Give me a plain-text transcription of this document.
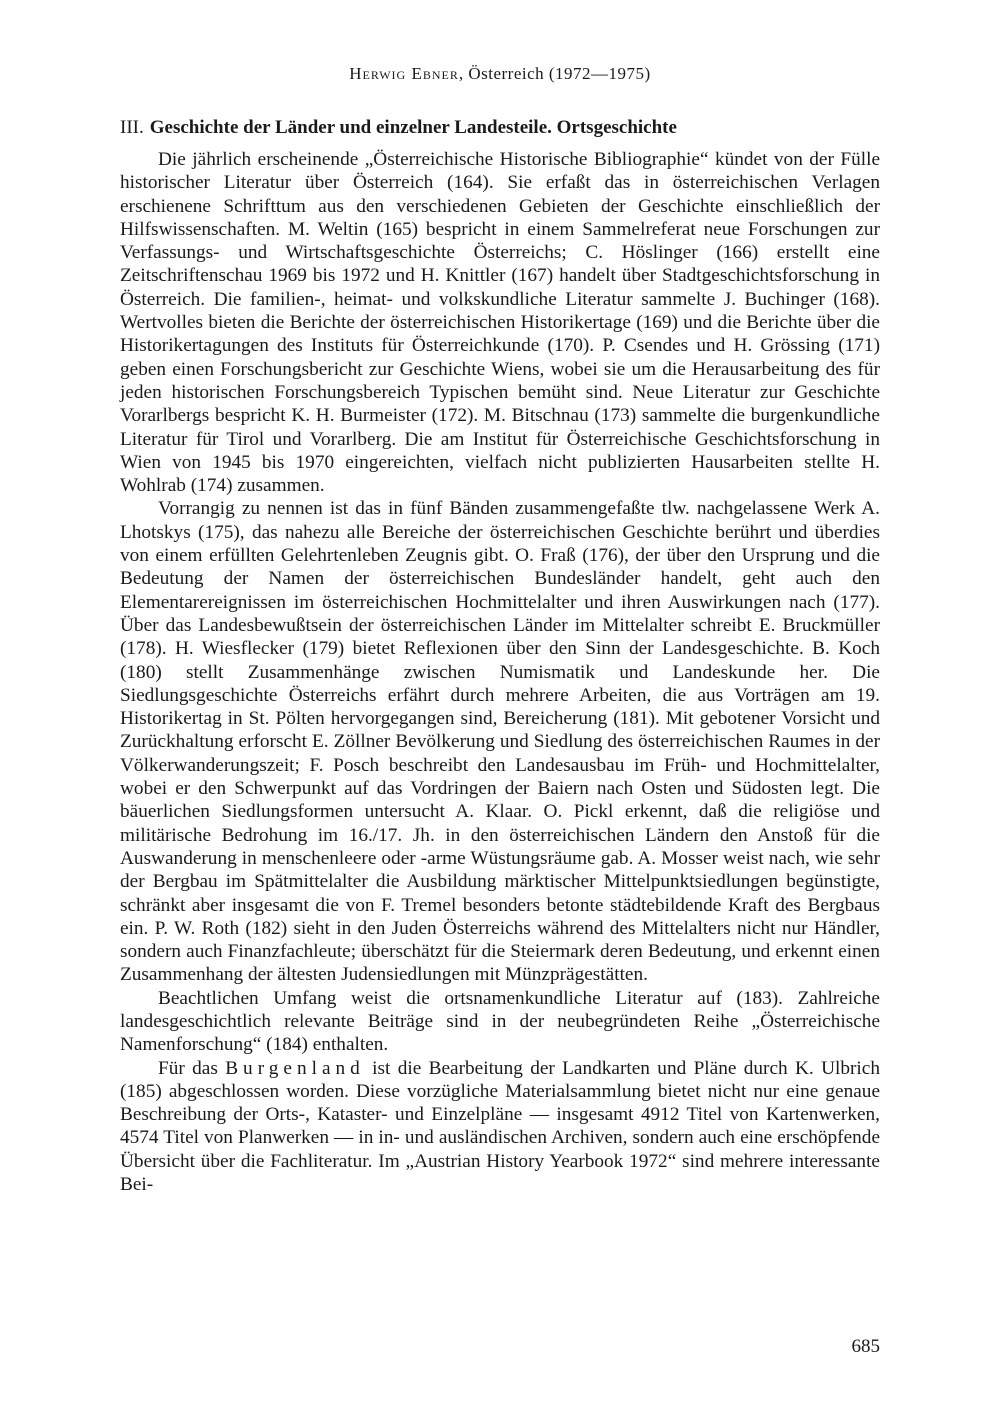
Herwig Ebner, Österreich (1972—1975)
III. Geschichte der Länder und einzelner Landesteile. Ortsgeschichte

Die jährlich erscheinende „Österreichische Historische Bibliographie“ kündet von der Fülle historischer Literatur über Österreich (164). Sie erfaßt das in österreichischen Verlagen erschienene Schrifttum aus den verschiedenen Gebieten der Geschichte einschließlich der Hilfswissenschaften. M. Weltin (165) bespricht in einem Sammelreferat neue Forschungen zur Verfassungs- und Wirtschaftsgeschichte Österreichs; C. Höslinger (166) erstellt eine Zeitschriftenschau 1969 bis 1972 und H. Knittler (167) handelt über Stadtgeschichtsforschung in Österreich. Die familien-, heimat- und volkskundliche Literatur sammelte J. Buchinger (168). Wertvolles bieten die Berichte der österreichischen Historikertage (169) und die Berichte über die Historikertagungen des Instituts für Österreichkunde (170). P. Csendes und H. Grössing (171) geben einen Forschungsbericht zur Geschichte Wiens, wobei sie um die Herausarbeitung des für jeden historischen Forschungsbereich Typischen bemüht sind. Neue Literatur zur Geschichte Vorarlbergs bespricht K. H. Burmeister (172). M. Bitschnau (173) sammelte die burgenkundliche Literatur für Tirol und Vorarlberg. Die am Institut für Österreichische Geschichtsforschung in Wien von 1945 bis 1970 eingereichten, vielfach nicht publizierten Hausarbeiten stellte H. Wohlrab (174) zusammen.

Vorrangig zu nennen ist das in fünf Bänden zusammengefaßte tlw. nachgelassene Werk A. Lhotskys (175), das nahezu alle Bereiche der österreichischen Geschichte berührt und überdies von einem erfüllten Gelehrtenleben Zeugnis gibt. O. Fraß (176), der über den Ursprung und die Bedeutung der Namen der österreichischen Bundesländer handelt, geht auch den Elementarereignissen im österreichischen Hochmittelalter und ihren Auswirkungen nach (177). Über das Landesbewußtsein der österreichischen Länder im Mittelalter schreibt E. Bruckmüller (178). H. Wiesflecker (179) bietet Reflexionen über den Sinn der Landesgeschichte. B. Koch (180) stellt Zusammenhänge zwischen Numismatik und Landeskunde her. Die Siedlungsgeschichte Österreichs erfährt durch mehrere Arbeiten, die aus Vorträgen am 19. Historikertag in St. Pölten hervorgegangen sind, Bereicherung (181). Mit gebotener Vorsicht und Zurückhaltung erforscht E. Zöllner Bevölkerung und Siedlung des österreichischen Raumes in der Völkerwanderungszeit; F. Posch beschreibt den Landesausbau im Früh- und Hochmittelalter, wobei er den Schwerpunkt auf das Vordringen der Baiern nach Osten und Südosten legt. Die bäuerlichen Siedlungsformen untersucht A. Klaar. O. Pickl erkennt, daß die religiöse und militärische Bedrohung im 16./17. Jh. in den österreichischen Ländern den Anstoß für die Auswanderung in menschenleere oder -arme Wüstungsräume gab. A. Mosser weist nach, wie sehr der Bergbau im Spätmittelalter die Ausbildung märktischer Mittelpunktsiedlungen begünstigte, schränkt aber insgesamt die von F. Tremel besonders betonte städtebildende Kraft des Bergbaus ein. P. W. Roth (182) sieht in den Juden Österreichs während des Mittelalters nicht nur Händler, sondern auch Finanzfachleute; überschätzt für die Steiermark deren Bedeutung, und erkennt einen Zusammenhang der ältesten Judensiedlungen mit Münzprägestätten.

Beachtlichen Umfang weist die ortsnamenkundliche Literatur auf (183). Zahlreiche landesgeschichtlich relevante Beiträge sind in der neubegründeten Reihe „Österreichische Namenforschung“ (184) enthalten.

Für das Burgenland ist die Bearbeitung der Landkarten und Pläne durch K. Ulbrich (185) abgeschlossen worden. Diese vorzügliche Materialsammlung bietet nicht nur eine genaue Beschreibung der Orts-, Kataster- und Einzelpläne — insgesamt 4912 Titel von Kartenwerken, 4574 Titel von Planwerken — in in- und ausländischen Archiven, sondern auch eine erschöpfende Übersicht über die Fachliteratur. Im „Austrian History Yearbook 1972“ sind mehrere interessante Bei-

685
